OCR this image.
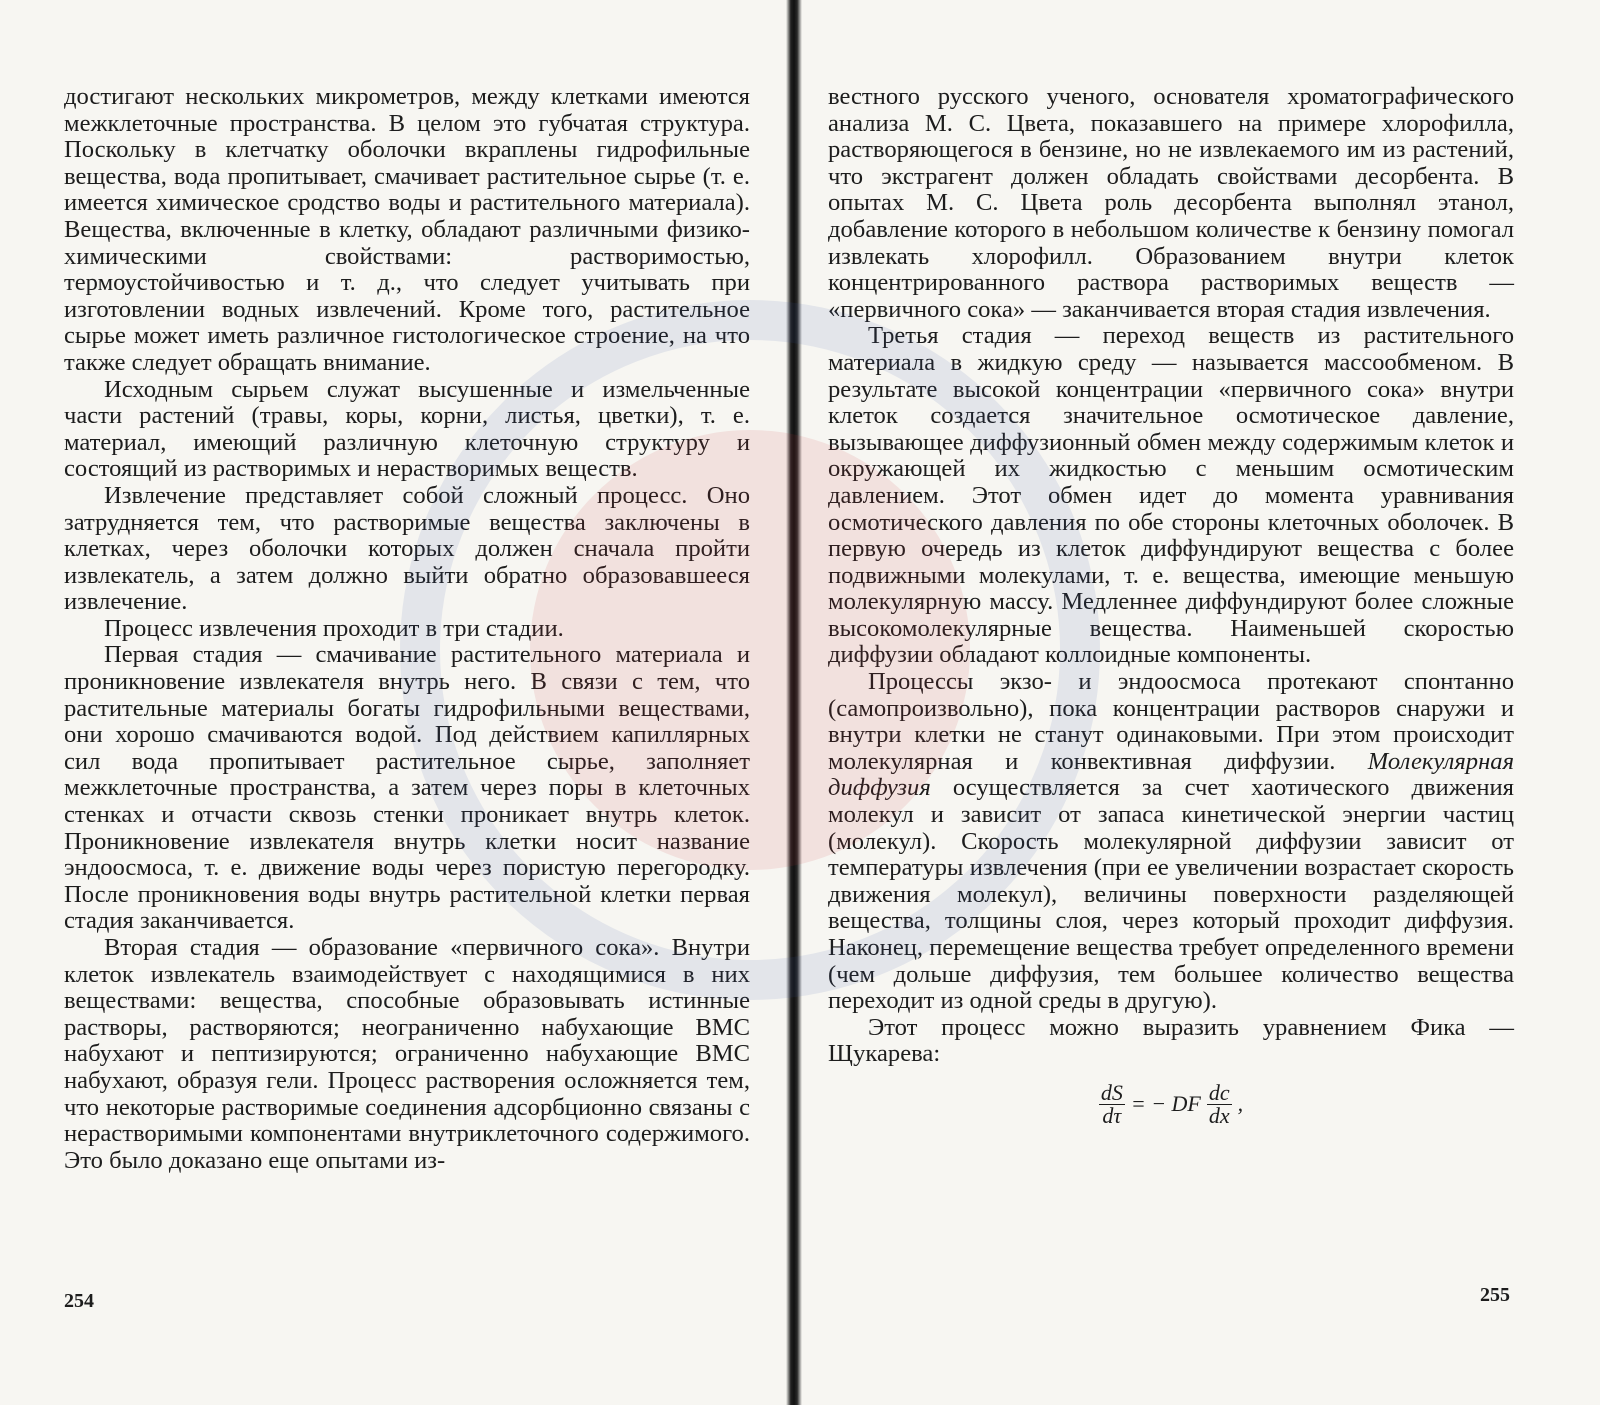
достигают нескольких микрометров, между клетками имеются межклеточные пространства. В целом это губчатая структура. Поскольку в клетчатку оболочки вкраплены гидрофильные вещества, вода пропитывает, смачивает растительное сырье (т. е. имеется химическое сродство воды и растительного материала). Вещества, включенные в клетку, обладают различными физико-химическими свойствами: растворимостью, термоустойчивостью и т. д., что следует учитывать при изготовлении водных извлечений. Кроме того, растительное сырье может иметь различное гистологическое строение, на что также следует обращать внимание.

Исходным сырьем служат высушенные и измельченные части растений (травы, коры, корни, листья, цветки), т. е. материал, имеющий различную клеточную структуру и состоящий из растворимых и нерастворимых веществ.

Извлечение представляет собой сложный процесс. Оно затрудняется тем, что растворимые вещества заключены в клетках, через оболочки которых должен сначала пройти извлекатель, а затем должно выйти обратно образовавшееся извлечение.

Процесс извлечения проходит в три стадии.

Первая стадия — смачивание растительного материала и проникновение извлекателя внутрь него. В связи с тем, что растительные материалы богаты гидрофильными веществами, они хорошо смачиваются водой. Под действием капиллярных сил вода пропитывает растительное сырье, заполняет межклеточные пространства, а затем через поры в клеточных стенках и отчасти сквозь стенки проникает внутрь клеток. Проникновение извлекателя внутрь клетки носит название эндоосмоса, т. е. движение воды через пористую перегородку. После проникновения воды внутрь растительной клетки первая стадия заканчивается.

Вторая стадия — образование «первичного сока». Внутри клеток извлекатель взаимодействует с находящимися в них веществами: вещества, способные образовывать истинные растворы, растворяются; неограниченно набухающие ВМС набухают и пептизируются; ограниченно набухающие ВМС набухают, образуя гели. Процесс растворения осложняется тем, что некоторые растворимые соединения адсорбционно связаны с нерастворимыми компонентами внутриклеточного содержимого. Это было доказано еще опытами из-

254

вестного русского ученого, основателя хроматографического анализа М. С. Цвета, показавшего на примере хлорофилла, растворяющегося в бензине, но не извлекаемого им из растений, что экстрагент должен обладать свойствами десорбента. В опытах М. С. Цвета роль десорбента выполнял этанол, добавление которого в небольшом количестве к бензину помогал извлекать хлорофилл. Образованием внутри клеток концентрированного раствора растворимых веществ — «первичного сока» — заканчивается вторая стадия извлечения.

Третья стадия — переход веществ из растительного материала в жидкую среду — называется массообменом. В результате высокой концентрации «первичного сока» внутри клеток создается значительное осмотическое давление, вызывающее диффузионный обмен между содержимым клеток и окружающей их жидкостью с меньшим осмотическим давлением. Этот обмен идет до момента уравнивания осмотического давления по обе стороны клеточных оболочек. В первую очередь из клеток диффундируют вещества с более подвижными молекулами, т. е. вещества, имеющие меньшую молекулярную массу. Медленнее диффундируют более сложные высокомолекулярные вещества. Наименьшей скоростью диффузии обладают коллоидные компоненты.

Процессы экзо- и эндоосмоса протекают спонтанно (самопроизвольно), пока концентрации растворов снаружи и внутри клетки не станут одинаковыми. При этом происходит молекулярная и конвективная диффузии. Молекулярная диффузия осуществляется за счет хаотического движения молекул и зависит от запаса кинетической энергии частиц (молекул). Скорость молекулярной диффузии зависит от температуры извлечения (при ее увеличении возрастает скорость движения молекул), величины поверхности разделяющей вещества, толщины слоя, через который проходит диффузия. Наконец, перемещение вещества требует определенного времени (чем дольше диффузия, тем большее количество вещества переходит из одной среды в другую).

Этот процесс можно выразить уравнением Фика — Щукарева:

$\frac{dS}{d\tau}$ = − DF $\frac{dc}{dx}$ ,
255
